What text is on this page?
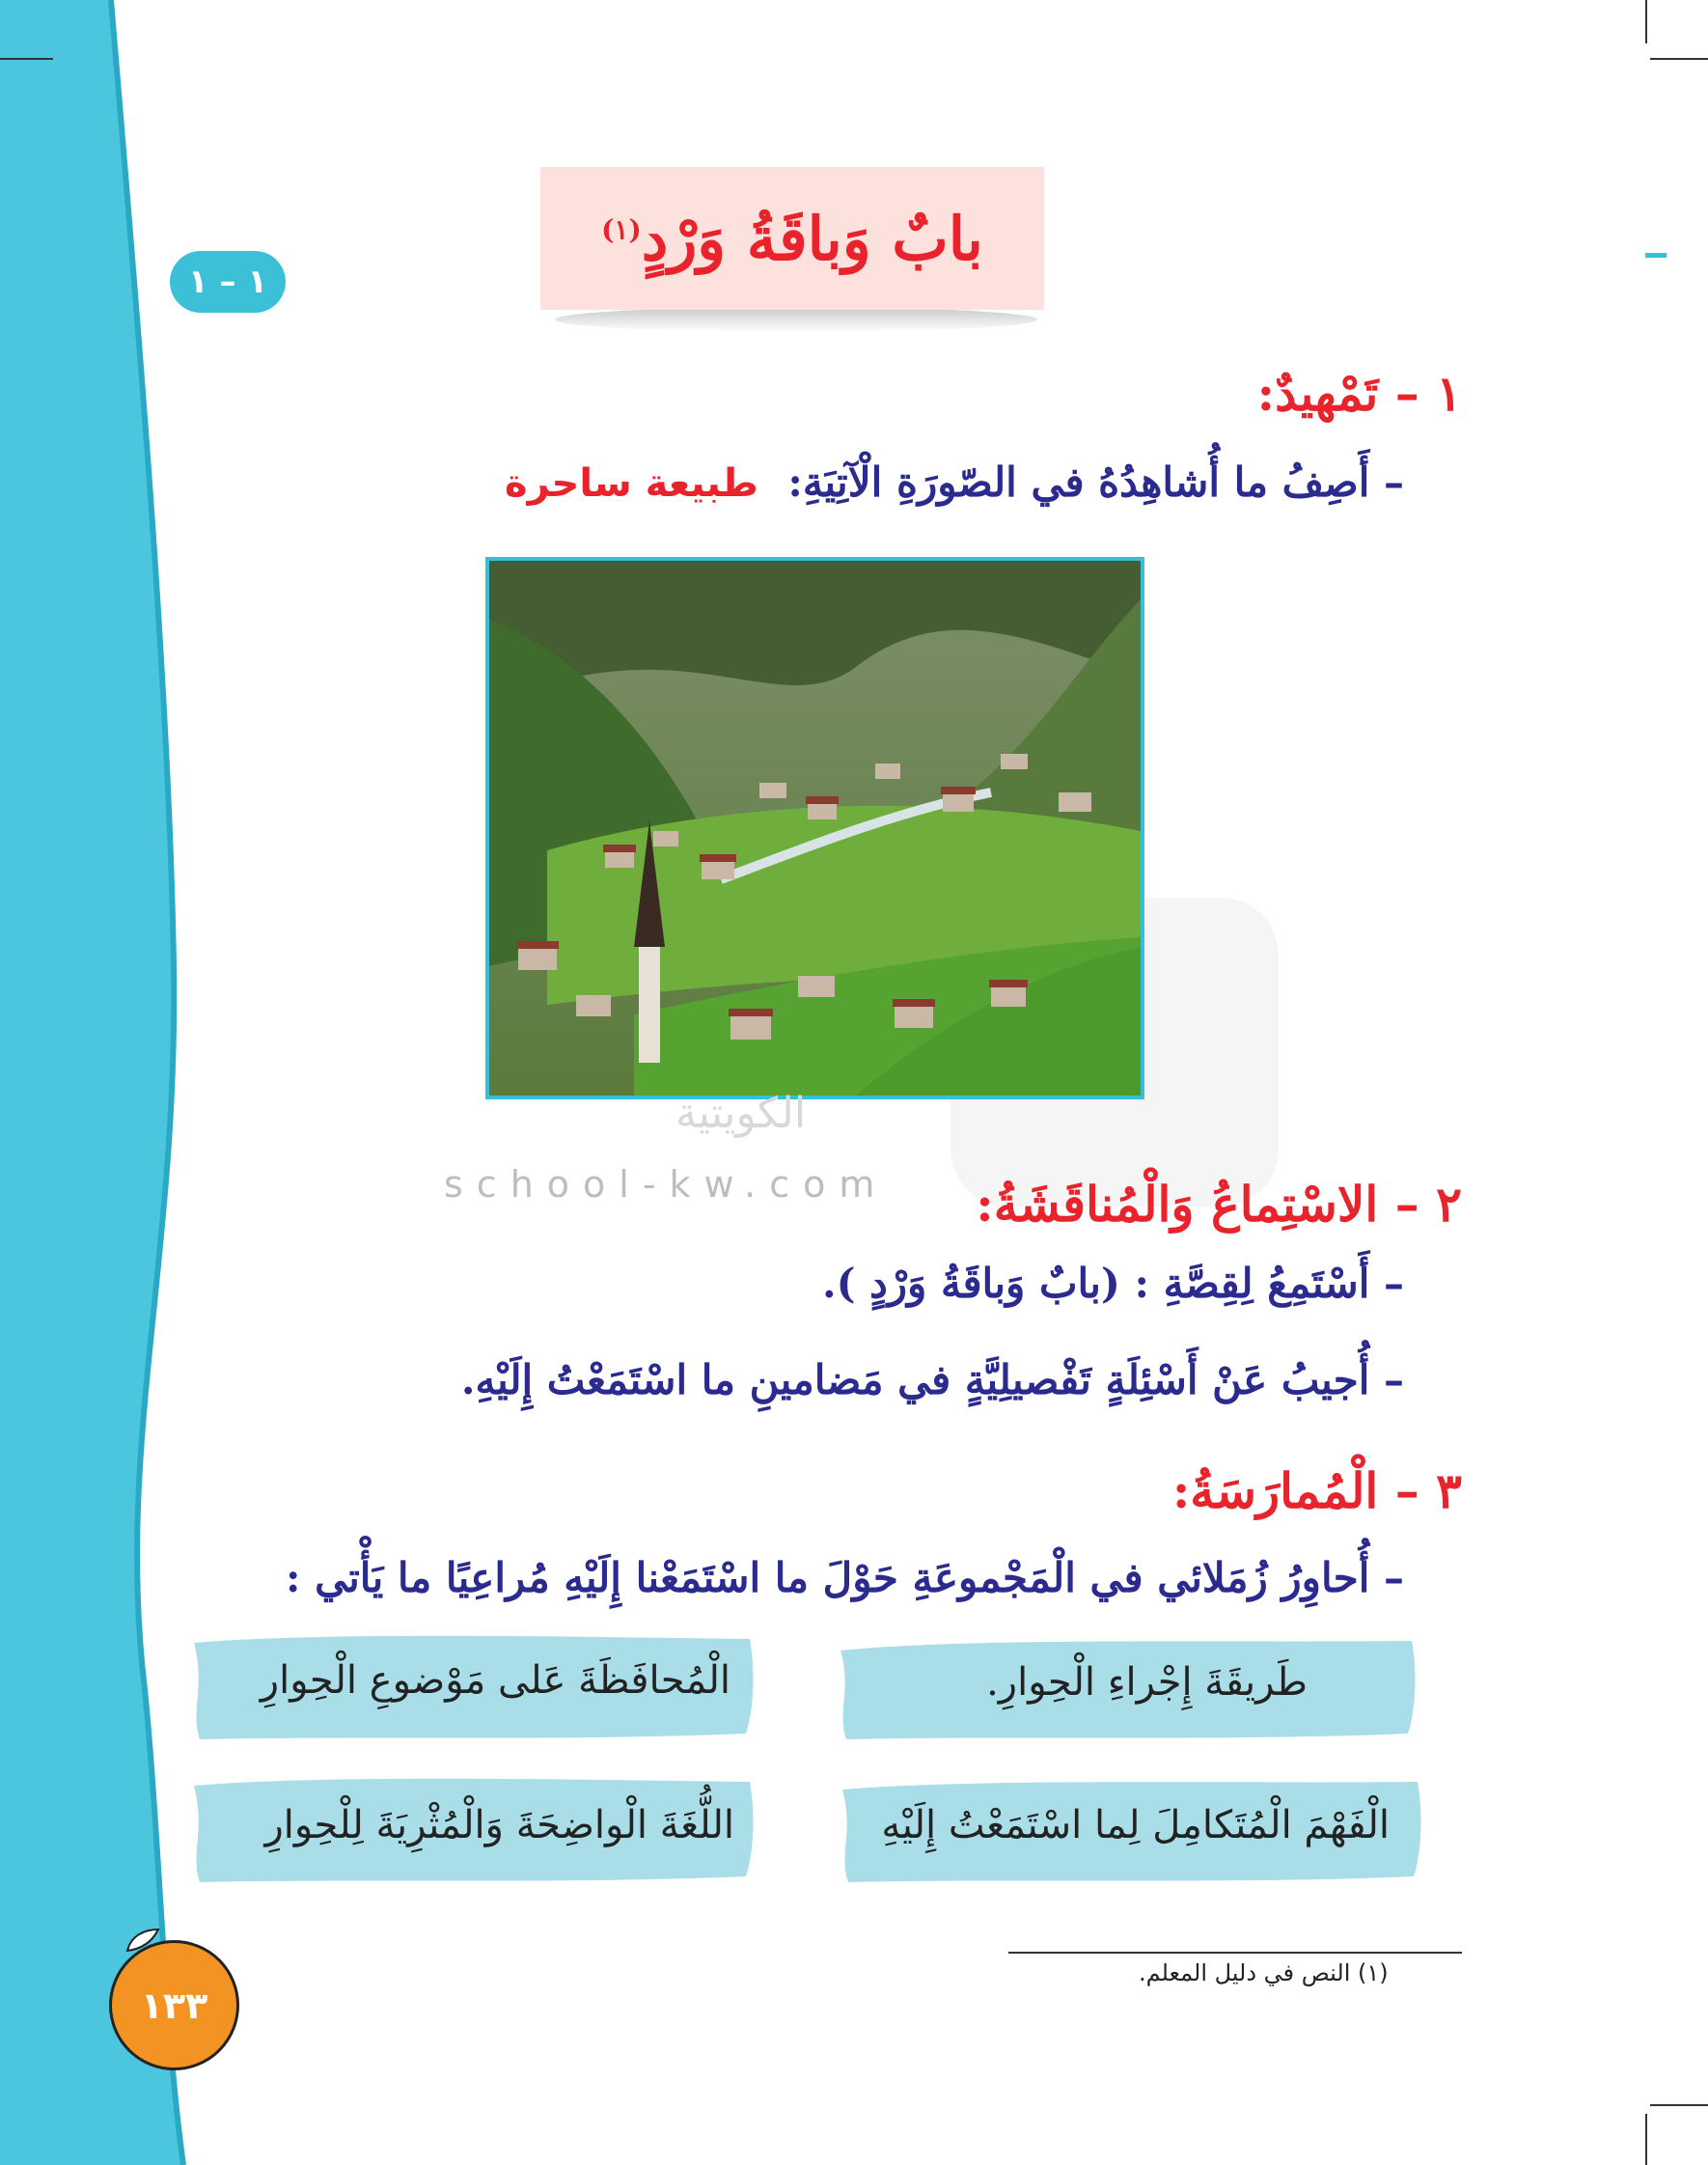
١ – ١
بابٌ وَباقَةُ وَرْدٍ$^{(١)}$
١ – تَمْهيدٌ:
– أَصِفُ ما أُشاهِدُهُ في الصّورَةِ الْآتِيَةِ:
طبيعة ساحرة
الكويتية
school-kw.com ٢ – الاسْتِماعُ وَالْمُناقَشَةُ:
– أَسْتَمِعُ لِقِصَّةِ : (بابٌ وَباقَةُ وَرْدٍ ).
– أُجيبُ عَنْ أَسْئِلَةٍ تَفْصيلِيَّةٍ في مَضامينِ ما اسْتَمَعْتُ إِلَيْهِ.
٣ – الْمُمارَسَةُ:
– أُحاوِرُ زُمَلائي في الْمَجْموعَةِ حَوْلَ ما اسْتَمَعْنا إِلَيْهِ مُراعِيًا ما يَأْتي :
طَريقَةَ إِجْراءِ الْحِوارِ.
الْمُحافَظَةَ عَلى مَوْضوعِ الْحِوارِ
الْفَهْمَ الْمُتَكامِلَ لِما اسْتَمَعْتُ إِلَيْهِ
اللُّغَةَ الْواضِحَةَ وَالْمُثْرِيَةَ لِلْحِوارِ
(١) النص في دليل المعلم.
١٣٣
